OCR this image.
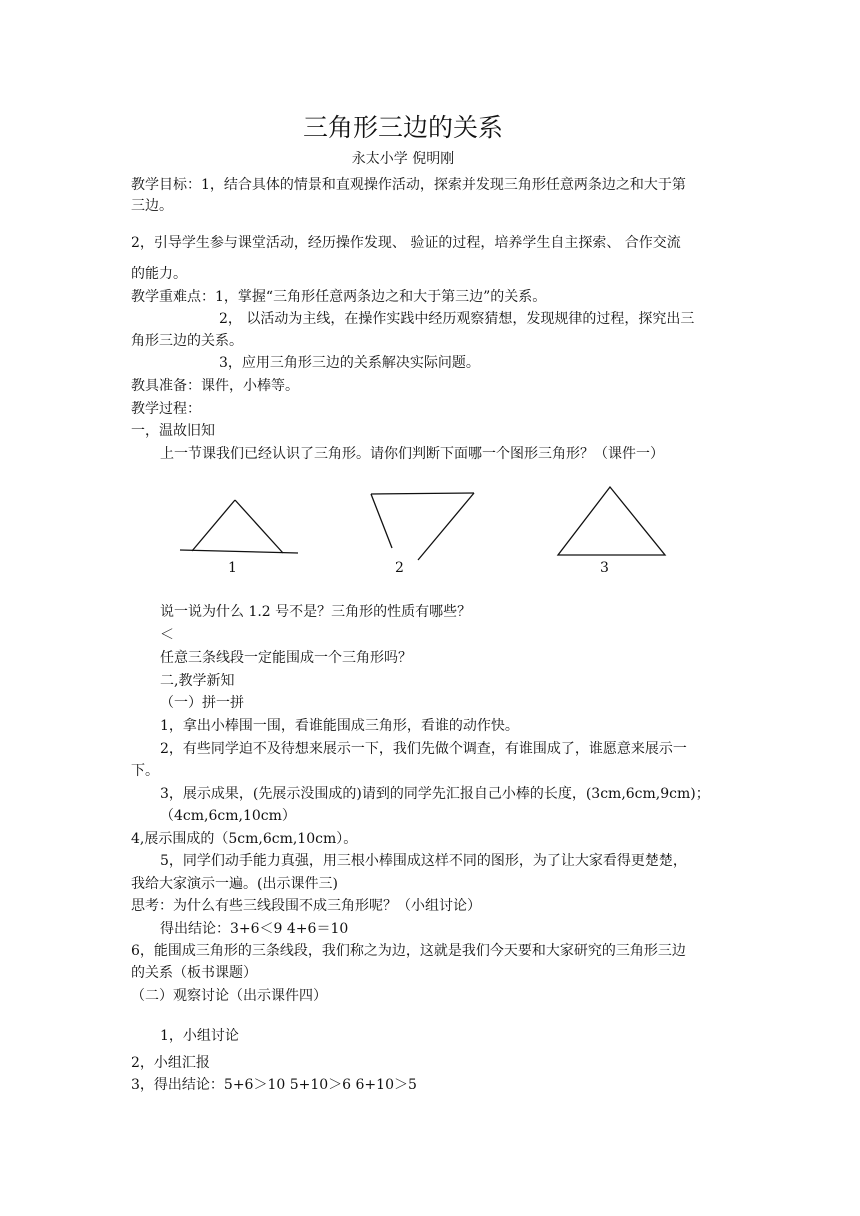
三角形三边的关系
永太小学 倪明刚
教学目标：1，结合具体的情景和直观操作活动，探索并发现三角形任意两条边之和大于第
三边。
2，引导学生参与课堂活动，经历操作发现、 验证的过程，培养学生自主探索、 合作交流
的能力。
教学重难点：1，掌握“三角形任意两条边之和大于第三边”的关系。
2， 以活动为主线，在操作实践中经历观察猜想，发现规律的过程，探究出三
角形三边的关系。
3，应用三角形三边的关系解决实际问题。
教具准备：课件，小棒等。
教学过程：
一，温故旧知
上一节课我们已经认识了三角形。请你们判断下面哪一个图形三角形？（课件一）
1	2	3
说一说为什么 1.2 号不是？三角形的性质有哪些？
＜
任意三条线段一定能围成一个三角形吗？
二,教学新知
（一）拼一拼
1，拿出小棒围一围，看谁能围成三角形，看谁的动作快。
2，有些同学迫不及待想来展示一下，我们先做个调查，有谁围成了，谁愿意来展示一
下。
3，展示成果，(先展示没围成的)请到的同学先汇报自己小棒的长度，(3cm,6cm,9cm)；
（4cm,6cm,10cm）
4,展示围成的（5cm,6cm,10cm）。
5，同学们动手能力真强，用三根小棒围成这样不同的图形，为了让大家看得更楚楚，
我给大家演示一遍。(出示课件三)
思考：为什么有些三线段围不成三角形呢？（小组讨论）
得出结论：3+6＜9 4+6＝10
6，能围成三角形的三条线段，我们称之为边，这就是我们今天要和大家研究的三角形三边
的关系（板书课题）
（二）观察讨论（出示课件四）
1，小组讨论
2，小组汇报
3，得出结论：5+6＞10 5+10＞6 6+10＞5
